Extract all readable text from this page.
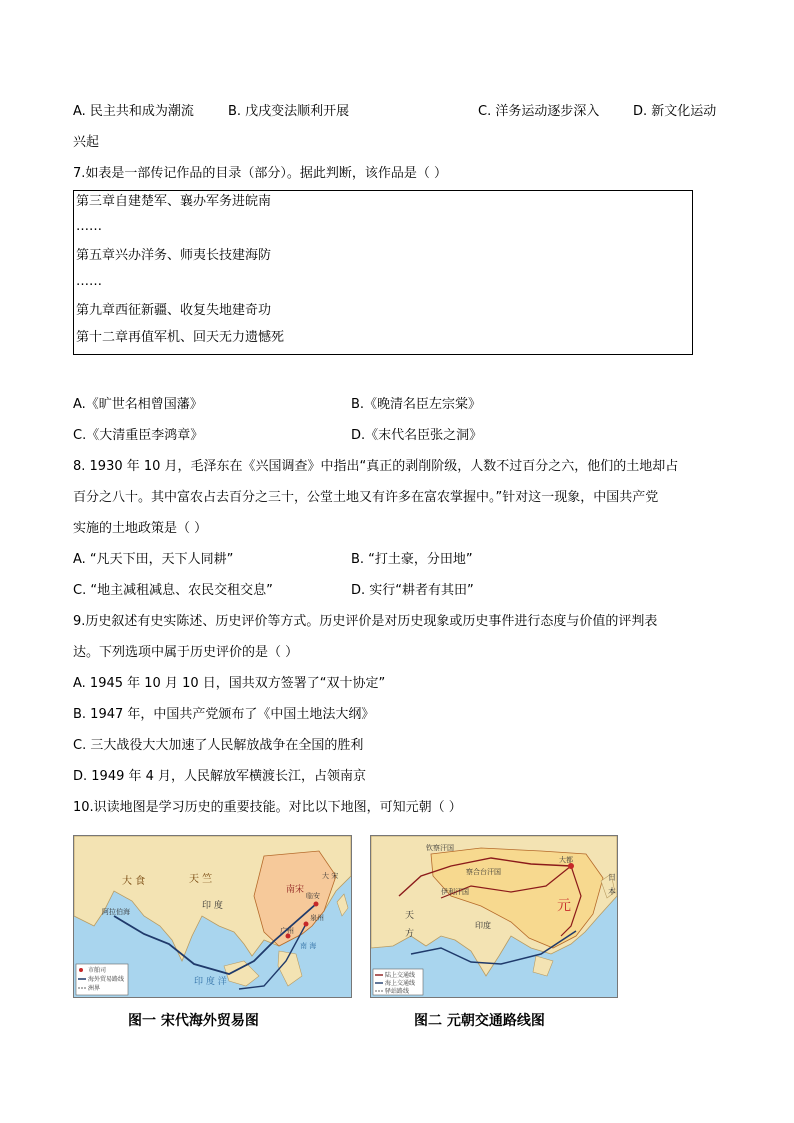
A. 民主共和成为潮流	B. 戊戌变法顺利开展	C. 洋务运动逐步深入	D. 新文化运动
兴起
7.如表是一部传记作品的目录（部分）。据此判断，该作品是（ ）
第三章自建楚军、襄办军务进皖南
……
第五章兴办洋务、师夷长技建海防
……
第九章西征新疆、收复失地建奇功
第十二章再值军机、回天无力遗憾死
A.《旷世名相曾国藩》	B.《晚清名臣左宗棠》
C.《大清重臣李鸿章》	D.《末代名臣张之洞》
8. 1930 年 10 月，毛泽东在《兴国调查》中指出“真正的剥削阶级，人数不过百分之六，他们的土地却占
百分之八十。其中富农占去百分之三十，公堂土地又有许多在富农掌握中。”针对这一现象，中国共产党
实施的土地政策是（ ）
A. “凡天下田，天下人同耕”	B. “打土豪，分田地”
C. “地主减租减息、农民交租交息”	D. 实行“耕者有其田”
9.历史叙述有史实陈述、历史评价等方式。历史评价是对历史现象或历史事件进行态度与价值的评判表
达。下列选项中属于历史评价的是（ ）
A. 1945 年 10 月 10 日，国共双方签署了“双十协定”
B. 1947 年，中国共产党颁布了《中国土地法大纲》
C. 三大战役大大加速了人民解放战争在全国的胜利
D. 1949 年 4 月，人民解放军横渡长江，占领南京
10.识读地图是学习历史的重要技能。对比以下地图，可知元朝（ ）
大 食	天 竺
阿拉伯海
印 度
南宋
临安
泉州
广州
大 宋
印 度 洋
南 海
市舶司
海外贸易路线
洲界
图一 宋代海外贸易图
钦察汗国
察合台汗国
伊利汗国
大都
元
天
方
印度
日
本
陆上交通线
海上交通线
驿站路线
图二 元朝交通路线图
